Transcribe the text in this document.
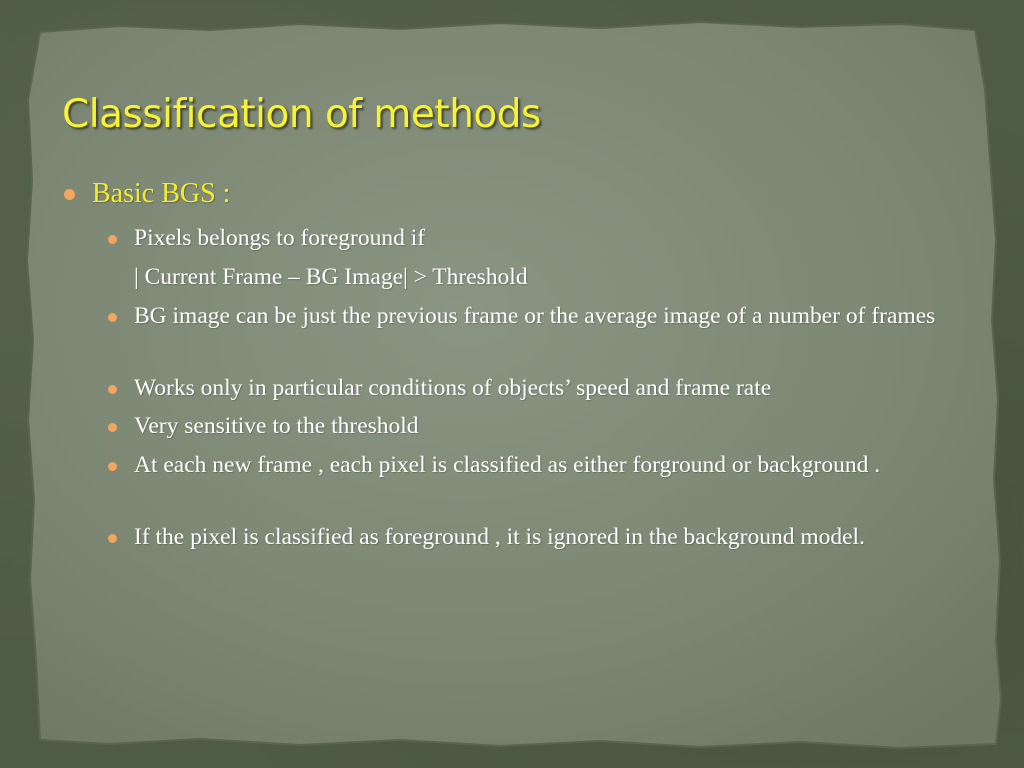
Classification of methods
Basic BGS :
Pixels belongs to foreground if
| Current Frame – BG Image| > Threshold
BG image can be just the previous frame or the average image of a number of frames
Works only in particular conditions of objects’ speed and frame rate
Very sensitive to the threshold
At each new frame , each pixel is classified as either forground or background .
If the pixel is classified as foreground , it is ignored in the background model.
